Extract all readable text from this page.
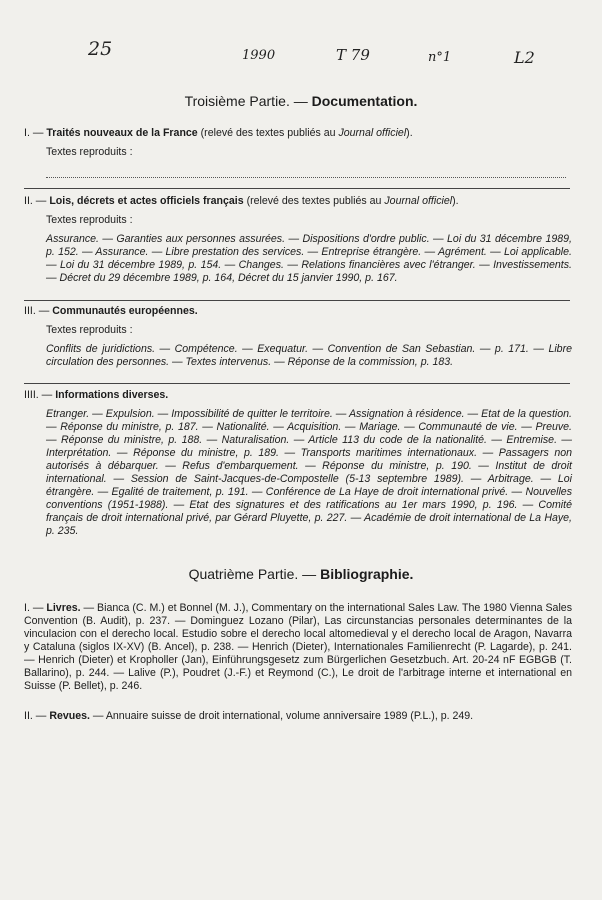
25	1990	T 79	n°1	L2
Troisième Partie. — Documentation.
I. — Traités nouveaux de la France (relevé des textes publiés au Journal officiel).
Textes reproduits :
II. — Lois, décrets et actes officiels français (relevé des textes publiés au Journal officiel).
Textes reproduits :
Assurance. — Garanties aux personnes assurées. — Dispositions d'ordre public. — Loi du 31 décembre 1989, p. 152. — Assurance. — Libre prestation des services. — Entreprise étrangère. — Agrément. — Loi applicable. — Loi du 31 décembre 1989, p. 154. — Changes. — Relations financières avec l'étranger. — Investissements. — Décret du 29 décembre 1989, p. 164, Décret du 15 janvier 1990, p. 167.
III. — Communautés européennes.
Textes reproduits :
Conflits de juridictions. — Compétence. — Exequatur. — Convention de San Sebastian. — p. 171. — Libre circulation des personnes. — Textes intervenus. — Réponse de la commission, p. 183.
IIII. — Informations diverses.
Etranger. — Expulsion. — Impossibilité de quitter le territoire. — Assignation à résidence. — Etat de la question. — Réponse du ministre, p. 187. — Nationalité. — Acquisition. — Mariage. — Communauté de vie. — Preuve. — Réponse du ministre, p. 188. — Naturalisation. — Article 113 du code de la nationalité. — Entremise. — Interprétation. — Réponse du ministre, p. 189. — Transports maritimes internationaux. — Passagers non autorisés à débarquer. — Refus d'embarquement. — Réponse du ministre, p. 190. — Institut de droit international. — Session de Saint-Jacques-de-Compostelle (5-13 septembre 1989). — Arbitrage. — Loi étrangère. — Egalité de traitement, p. 191. — Conférence de La Haye de droit international privé. — Nouvelles conventions (1951-1988). — Etat des signatures et des ratifications au 1er mars 1990, p. 196. — Comité français de droit international privé, par Gérard Pluyette, p. 227. — Académie de droit international de La Haye, p. 235.
Quatrième Partie. — Bibliographie.
I. — Livres. — Bianca (C. M.) et Bonnel (M. J.), Commentary on the international Sales Law. The 1980 Vienna Sales Convention (B. Audit), p. 237. — Dominguez Lozano (Pilar), Las circunstancias personales determinantes de la vinculacion con el derecho local. Estudio sobre el derecho local altomedieval y el derecho local de Aragon, Navarra y Cataluna (siglos IX-XV) (B. Ancel), p. 238. — Henrich (Dieter), Internationales Familienrecht (P. Lagarde), p. 241. — Henrich (Dieter) et Kropholler (Jan), Einführungsgesetz zum Bürgerlichen Gesetzbuch. Art. 20-24 nF EGBGB (T. Ballarino), p. 244. — Lalive (P.), Poudret (J.-F.) et Reymond (C.), Le droit de l'arbitrage interne et international en Suisse (P. Bellet), p. 246.
II. — Revues. — Annuaire suisse de droit international, volume anniversaire 1989 (P.L.), p. 249.
